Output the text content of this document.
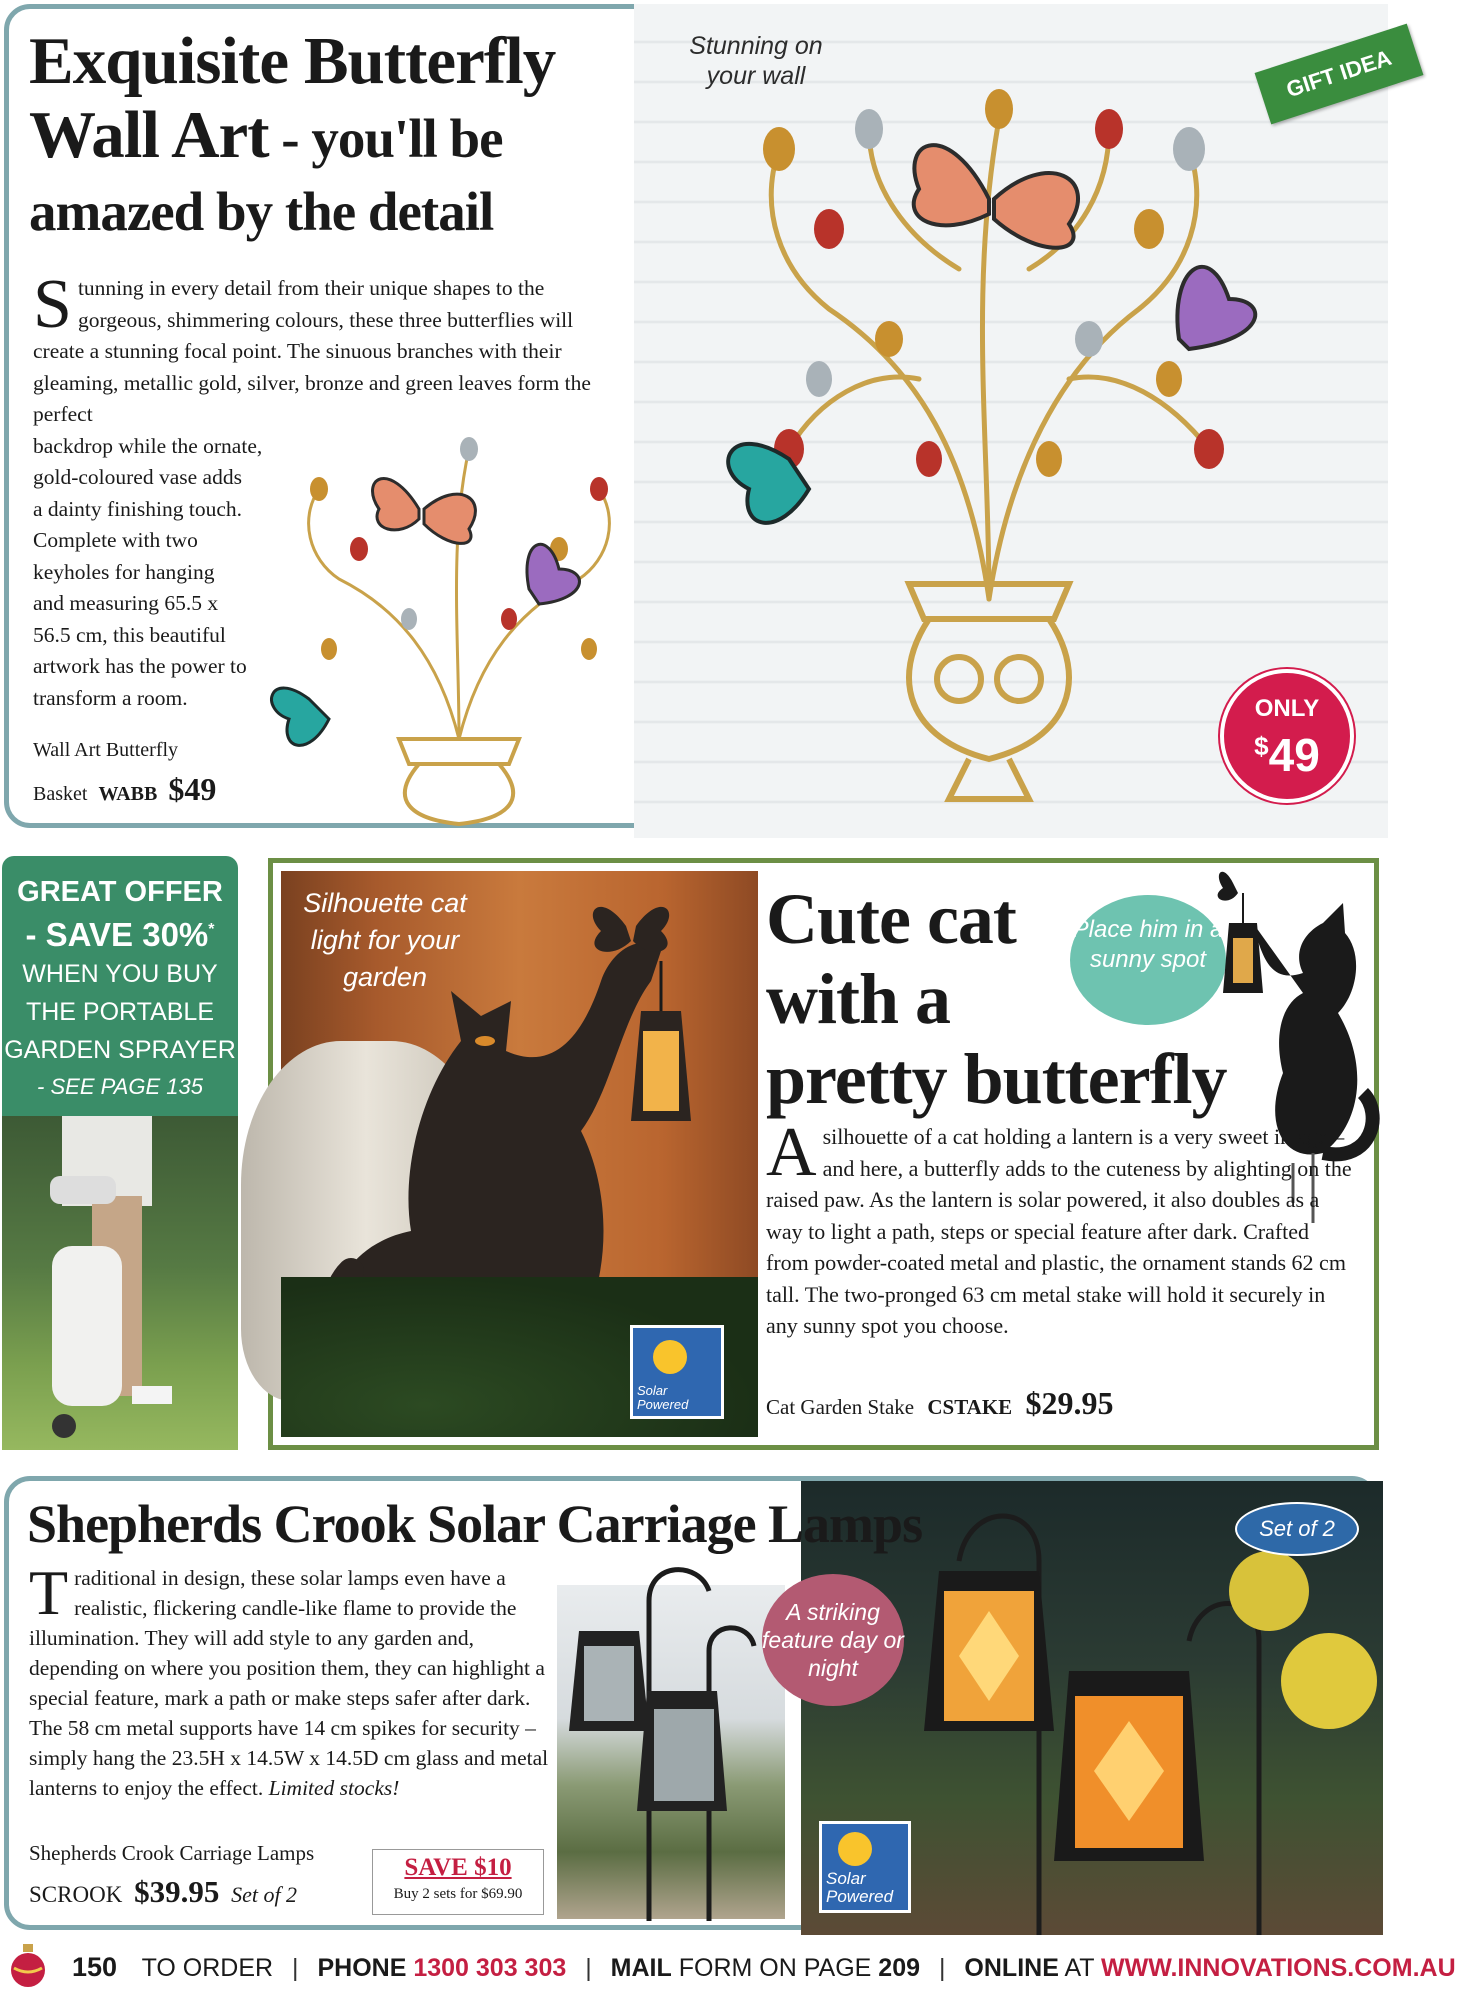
Exquisite Butterfly
Wall Art - you'll be
amazed by the detail
S tunning in every detail from their unique shapes to the gorgeous, shimmering colours, these three butterflies will create a stunning focal point. The sinuous branches with their gleaming, metallic gold, silver, bronze and green leaves form the perfect
backdrop while the ornate,
gold-coloured vase adds
a dainty finishing touch.
Complete with two
keyholes for hanging
and measuring 65.5 x
56.5 cm, this beautiful
artwork has the power to
transform a room.
Wall Art Butterfly
Basket WABB $49
Stunning on your wall	GIFT IDEA
ONLY
$49
GREAT OFFER
- SAVE 30%*
WHEN YOU BUY
THE PORTABLE
GARDEN SPRAYER
- SEE PAGE 135
Silhouette cat light for your garden
Solar Powered
Cute cat
with a
pretty butterfly
Place him in a sunny spot
A silhouette of a cat holding a lantern is a very sweet image – and here, a butterfly adds to the cuteness by alighting on the raised paw. As the lantern is solar powered, it also doubles as a way to light a path, steps or special feature after dark. Crafted from powder-coated metal and plastic, the ornament stands 62 cm tall. The two-pronged 63 cm metal stake will hold it securely in any sunny spot you choose.
Cat Garden Stake CSTAKE $29.95
Shepherds Crook Solar Carriage Lamps
T raditional in design, these solar lamps even have a realistic, flickering candle-like flame to provide the illumination. They will add style to any garden and, depending on where you position them, they can highlight a special feature, mark a path or make steps safer after dark. The 58 cm metal supports have 14 cm spikes for security – simply hang the 23.5H x 14.5W x 14.5D cm glass and metal lanterns to enjoy the effect. Limited stocks!
Shepherds Crook Carriage Lamps
SCROOK $39.95 Set of 2
SAVE $10
Buy 2 sets for $69.90
A striking feature day or night
Set of 2
Solar Powered
150 TO ORDER | PHONE 1300 303 303 | MAIL FORM ON PAGE 209 | ONLINE AT WWW.INNOVATIONS.COM.AU
